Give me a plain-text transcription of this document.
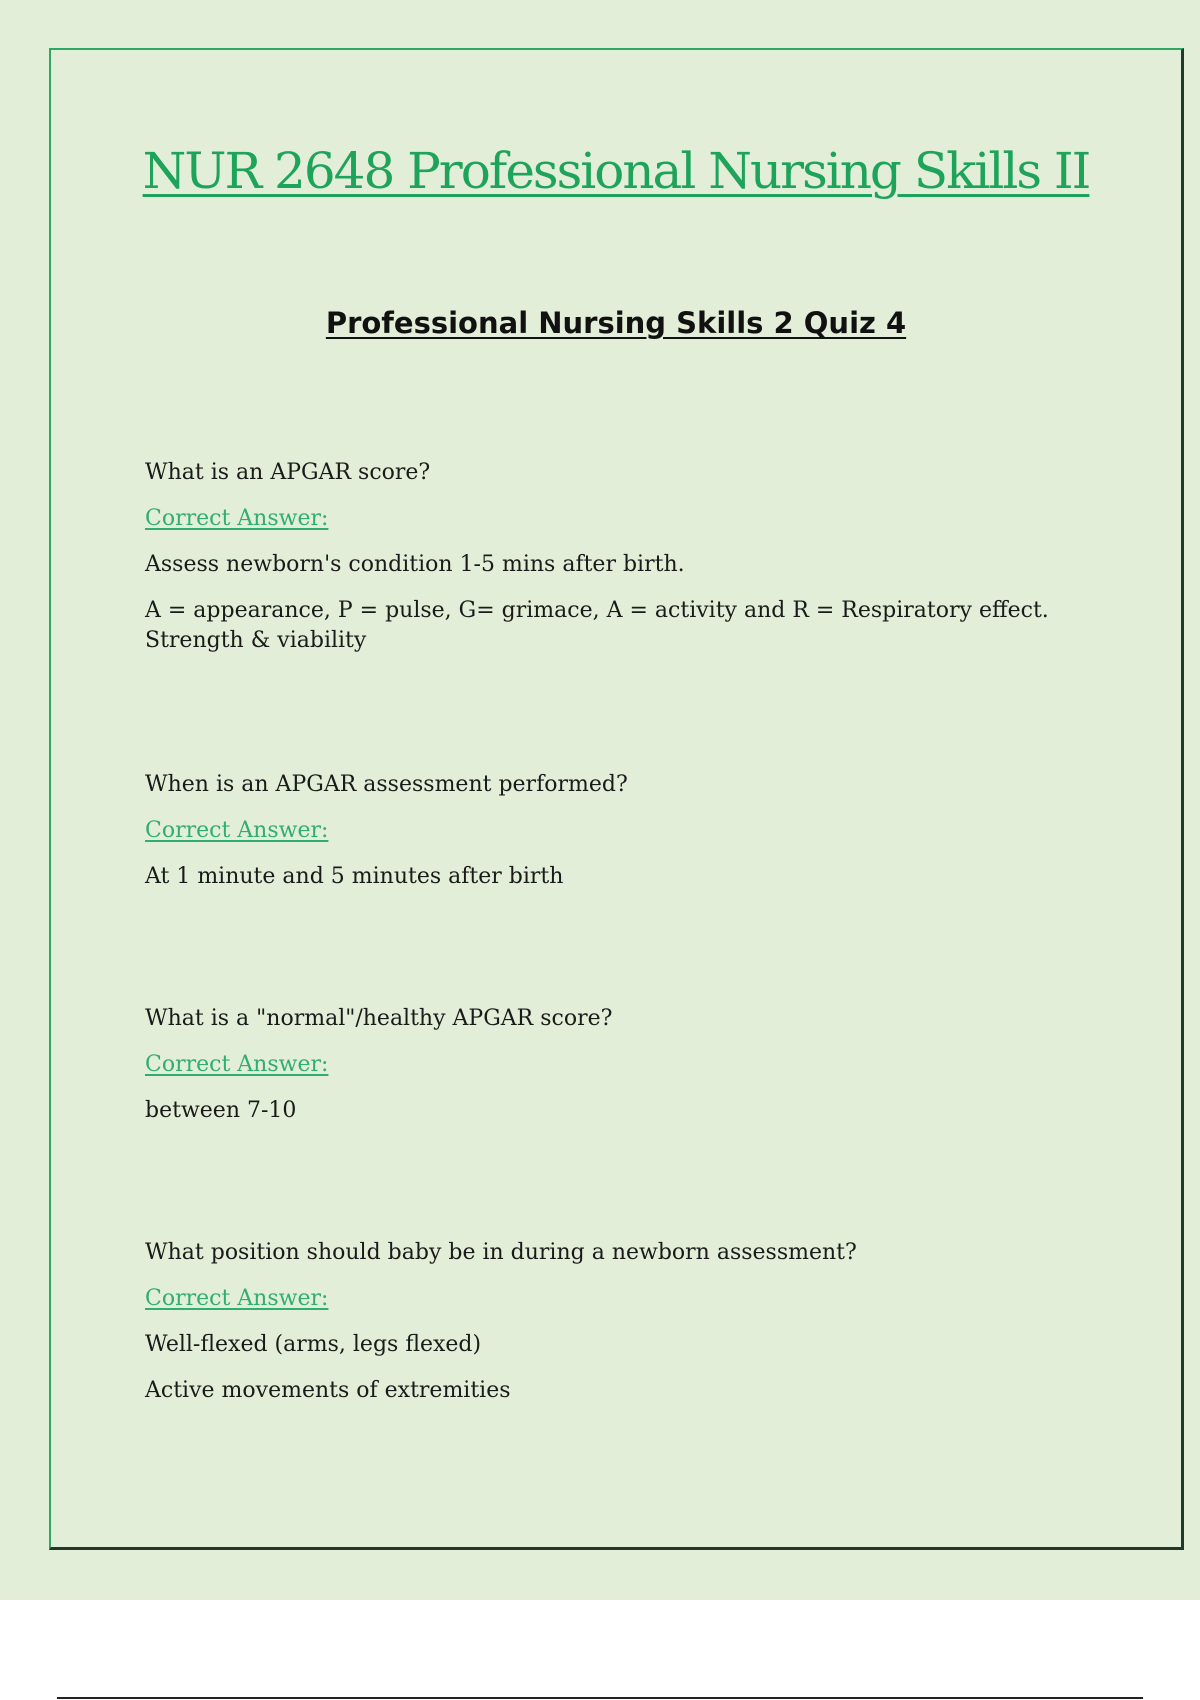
NUR 2648 Professional Nursing Skills II
Professional Nursing Skills 2 Quiz 4

What is an APGAR score?

Correct Answer:

Assess newborn's condition 1-5 mins after birth.

A = appearance, P = pulse, G= grimace, A = activity and R = Respiratory effect. Strength & viability

When is an APGAR assessment performed?

Correct Answer:

At 1 minute and 5 minutes after birth

What is a "normal"/healthy APGAR score?

Correct Answer:

between 7-10

What position should baby be in during a newborn assessment?

Correct Answer:

Well-flexed (arms, legs flexed)

Active movements of extremities
